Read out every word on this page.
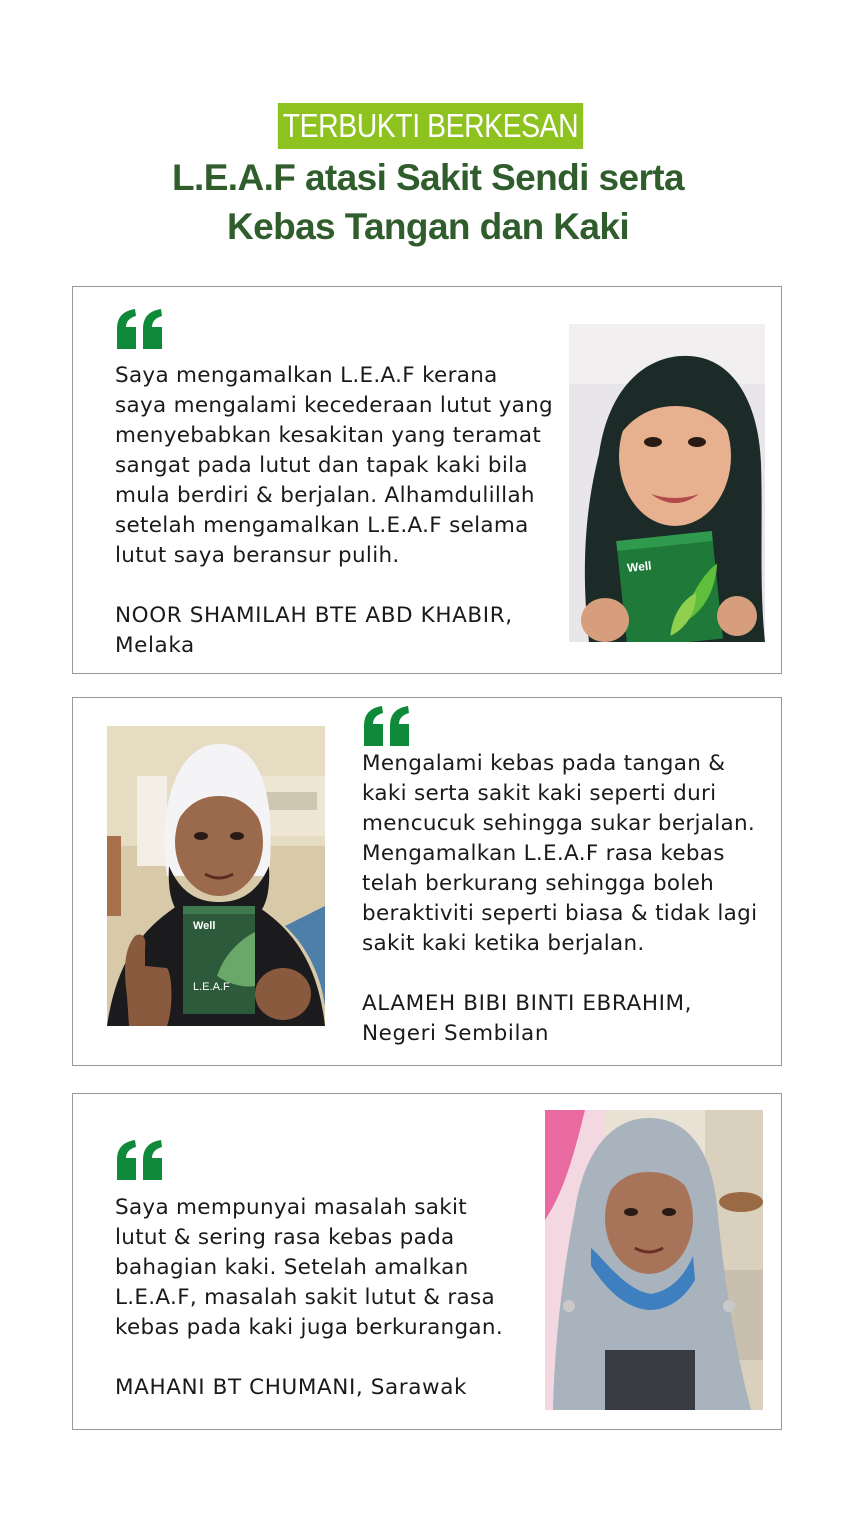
TERBUKTI BERKESAN
L.E.A.F atasi Sakit Sendi serta
Kebas Tangan dan Kaki
Saya mengamalkan L.E.A.F kerana
saya mengalami kecederaan lutut yang
menyebabkan kesakitan yang teramat
sangat pada lutut dan tapak kaki bila
mula berdiri & berjalan. Alhamdulillah
setelah mengamalkan L.E.A.F selama
lutut saya beransur pulih.
NOOR SHAMILAH BTE ABD KHABIR,
Melaka
Well
Well
L.E.A.F
Mengalami kebas pada tangan &
kaki serta sakit kaki seperti duri
mencucuk sehingga sukar berjalan.
Mengamalkan L.E.A.F rasa kebas
telah berkurang sehingga boleh
beraktiviti seperti biasa & tidak lagi
sakit kaki ketika berjalan.
ALAMEH BIBI BINTI EBRAHIM,
Negeri Sembilan
Saya mempunyai masalah sakit
lutut & sering rasa kebas pada
bahagian kaki. Setelah amalkan
L.E.A.F, masalah sakit lutut & rasa
kebas pada kaki juga berkurangan.
MAHANI BT CHUMANI, Sarawak
